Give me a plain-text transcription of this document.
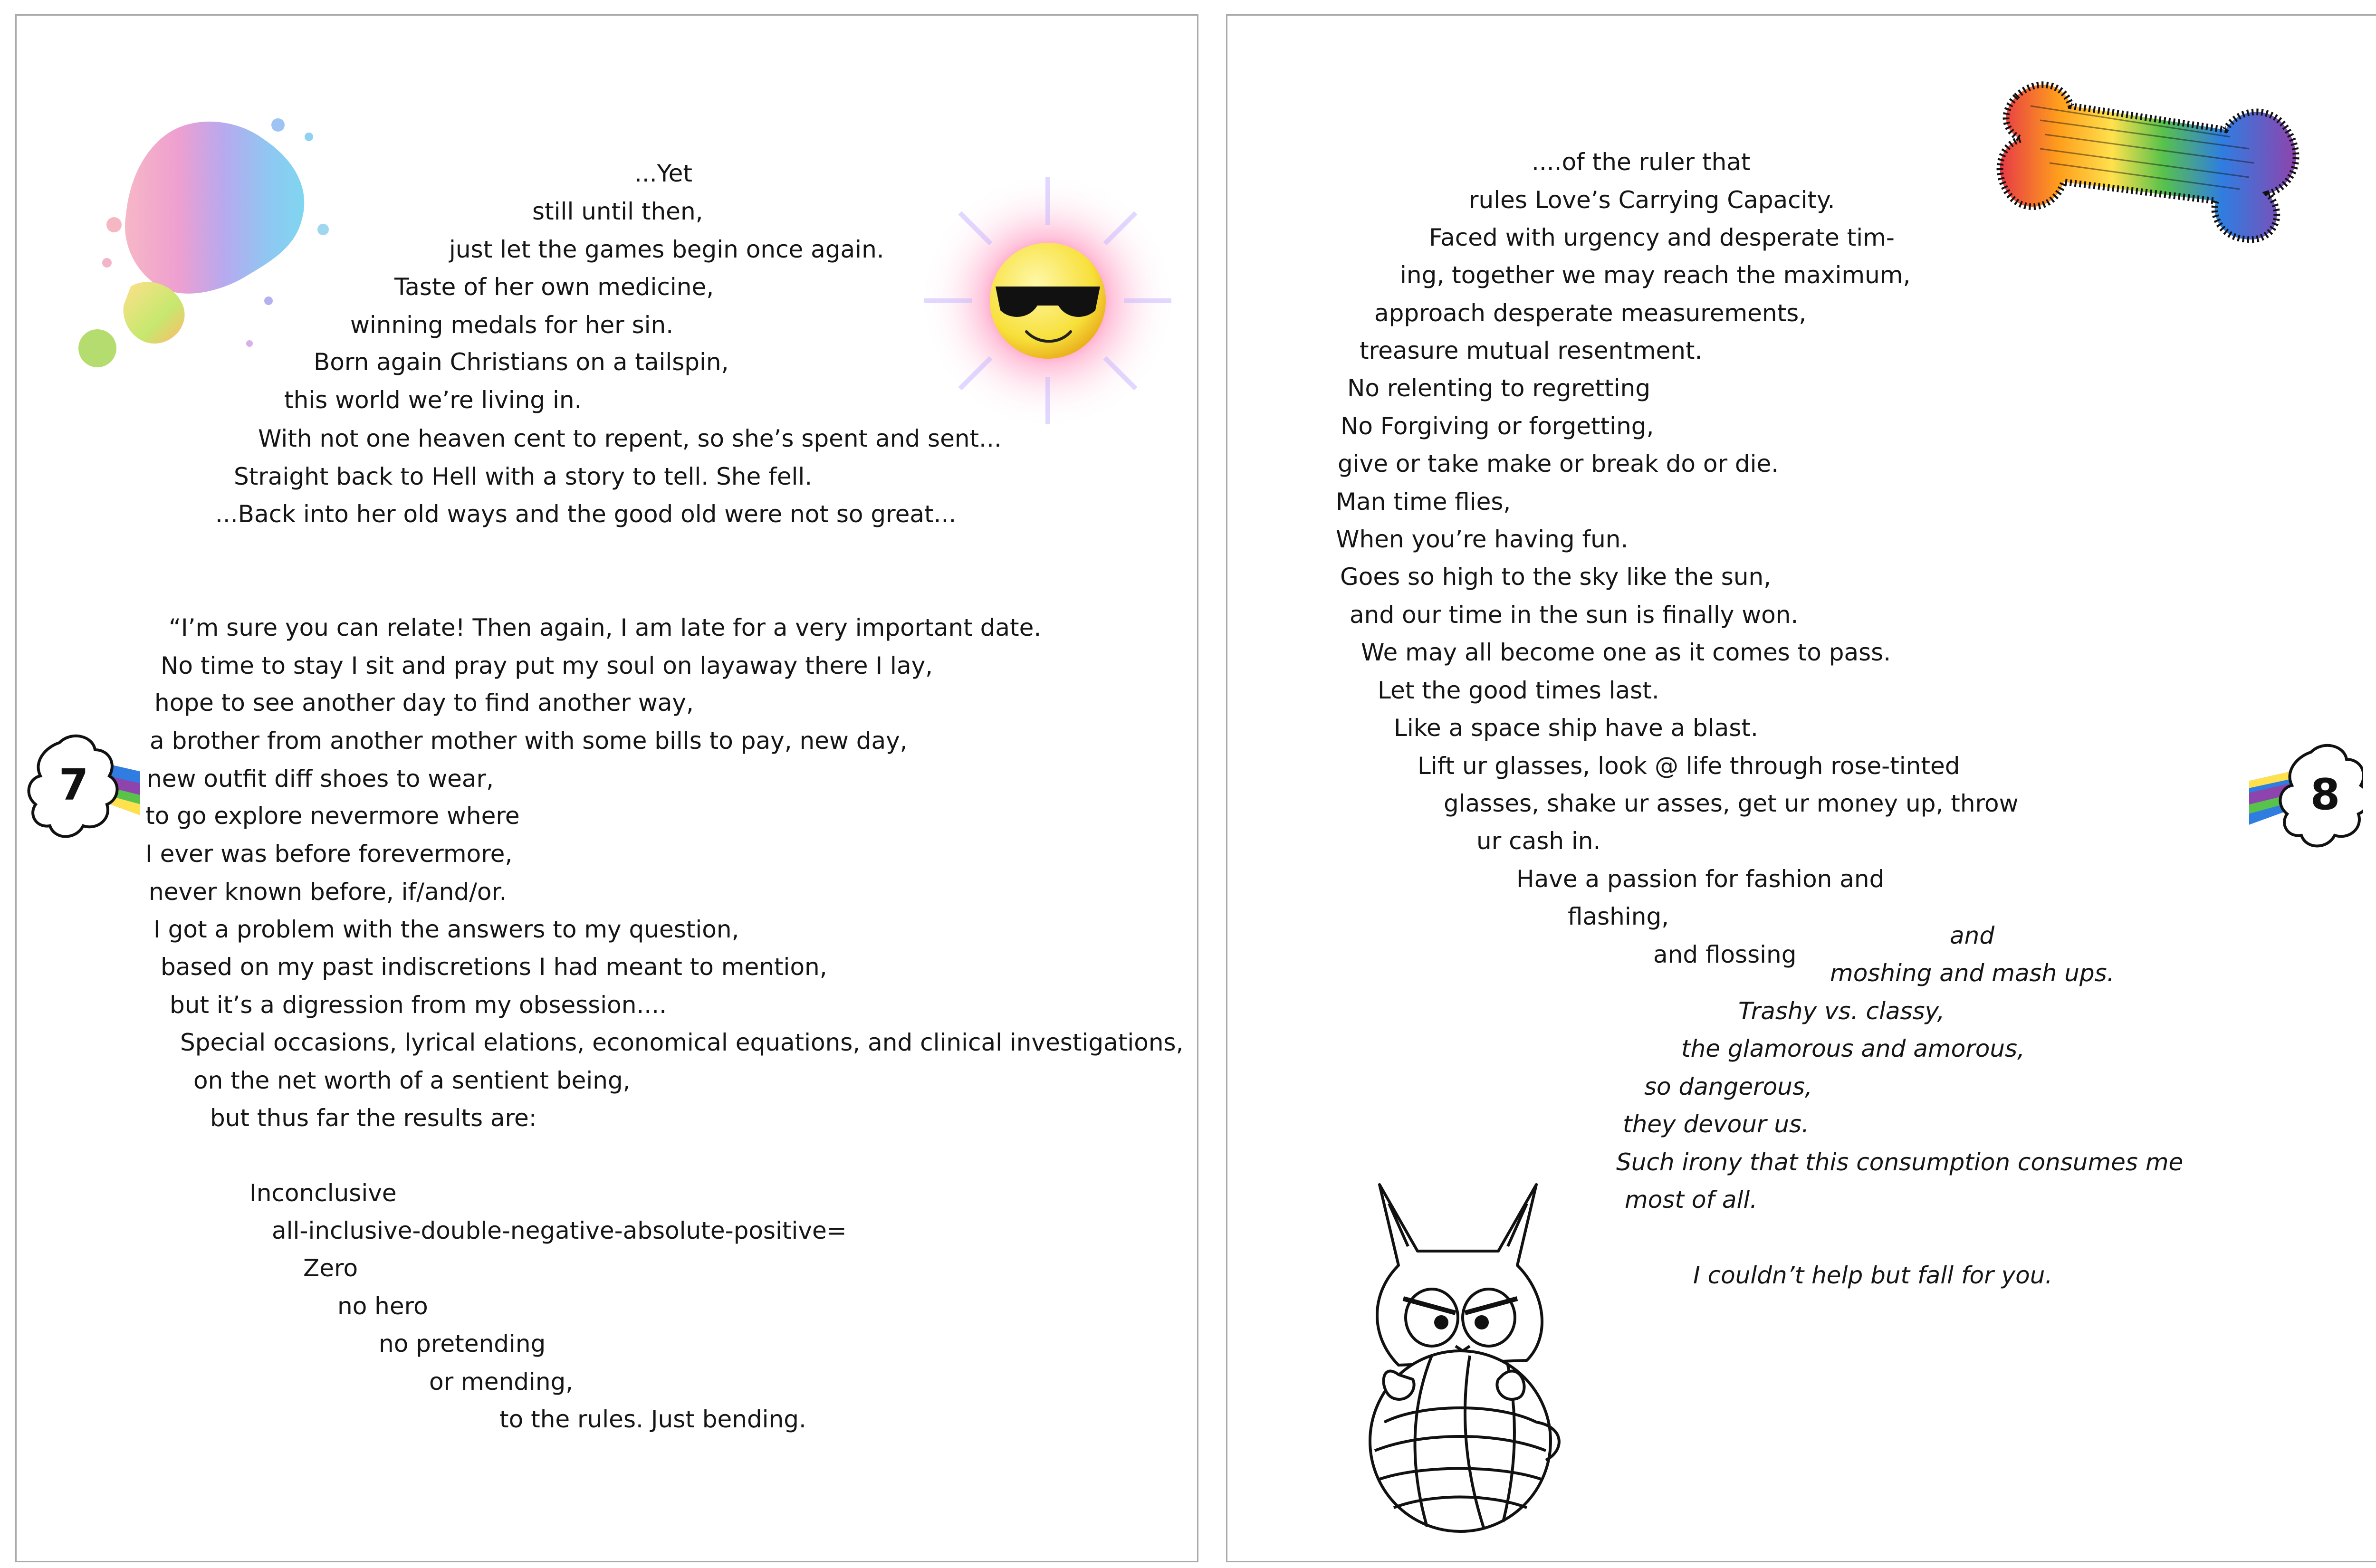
7
...Yet
still until then,
just let the games begin once again.
Taste of her own medicine,
winning medals for her sin.
Born again Christians on a tailspin,
this world we’re living in.
With not one heaven cent to repent, so she’s spent and sent...
Straight back to Hell with a story to tell. She fell.
...Back into her old ways and the good old were not so great...
“I’m sure you can relate! Then again, I am late for a very important date.
No time to stay I sit and pray put my soul on layaway there I lay,
hope to see another day to find another way,
a brother from another mother with some bills to pay, new day,
new outfit diff shoes to wear,
to go explore nevermore where
I ever was before forevermore,
never known before, if/and/or.
I got a problem with the answers to my question,
based on my past indiscretions I had meant to mention,
but it’s a digression from my obsession....
Special occasions, lyrical elations, economical equations, and clinical investigations,
on the net worth of a sentient being,
but thus far the results are:
Inconclusive
all-inclusive-double-negative-absolute-positive=
Zero
no hero
no pretending
or mending,
to the rules. Just bending.
8
....of the ruler that
rules Love’s Carrying Capacity.
Faced with urgency and desperate tim-
ing, together we may reach the maximum,
approach desperate measurements,
treasure mutual resentment.
No relenting to regretting
No Forgiving or forgetting,
give or take make or break do or die.
Man time flies,
When you’re having fun.
Goes so high to the sky like the sun,
and our time in the sun is finally won.
We may all become one as it comes to pass.
Let the good times last.
Like a space ship have a blast.
Lift ur glasses, look @ life through rose-tinted
glasses, shake ur asses, get ur money up, throw
ur cash in.
Have a passion for fashion and
flashing,
and flossing
and
moshing and mash ups.
Trashy vs. classy,
the glamorous and amorous,
so dangerous,
they devour us.
Such irony that this consumption consumes me
most of all.
I couldn’t help but fall for you.
